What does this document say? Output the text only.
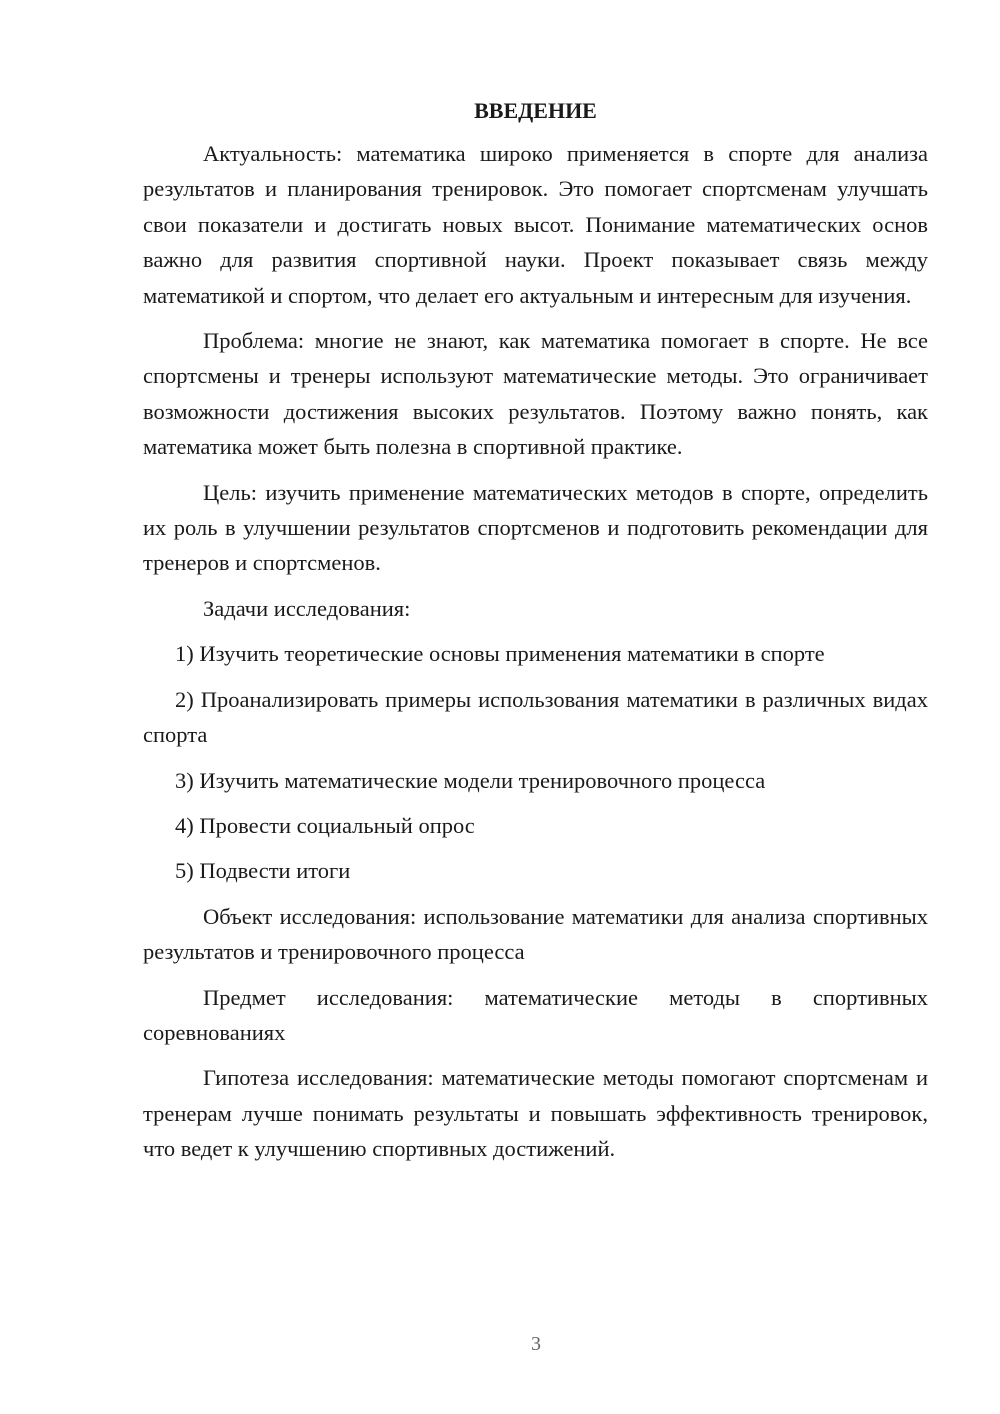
ВВЕДЕНИЕ

Актуальность: математика широко применяется в спорте для анализа результатов и планирования тренировок. Это помогает спортсменам улучшать свои показатели и достигать новых высот. Понимание математических основ важно для развития спортивной науки. Проект показывает связь между математикой и спортом, что делает его актуальным и интересным для изучения.

Проблема: многие не знают, как математика помогает в спорте. Не все спортсмены и тренеры используют математические методы. Это ограничивает возможности достижения высоких результатов. Поэтому важно понять, как математика может быть полезна в спортивной практике.

Цель: изучить применение математических методов в спорте, определить их роль в улучшении результатов спортсменов и подготовить рекомендации для тренеров и спортсменов.

Задачи исследования:

1) Изучить теоретические основы применения математики в спорте

2) Проанализировать примеры использования математики в различных видах спорта

3) Изучить математические модели тренировочного процесса

4) Провести социальный опрос

5) Подвести итоги

Объект исследования: использование математики для анализа спортивных результатов и тренировочного процесса

Предмет исследования: математические методы в спортивных соревнованиях

Гипотеза исследования: математические методы помогают спортсменам и тренерам лучше понимать результаты и повышать эффективность тренировок, что ведет к улучшению спортивных достижений.

3
